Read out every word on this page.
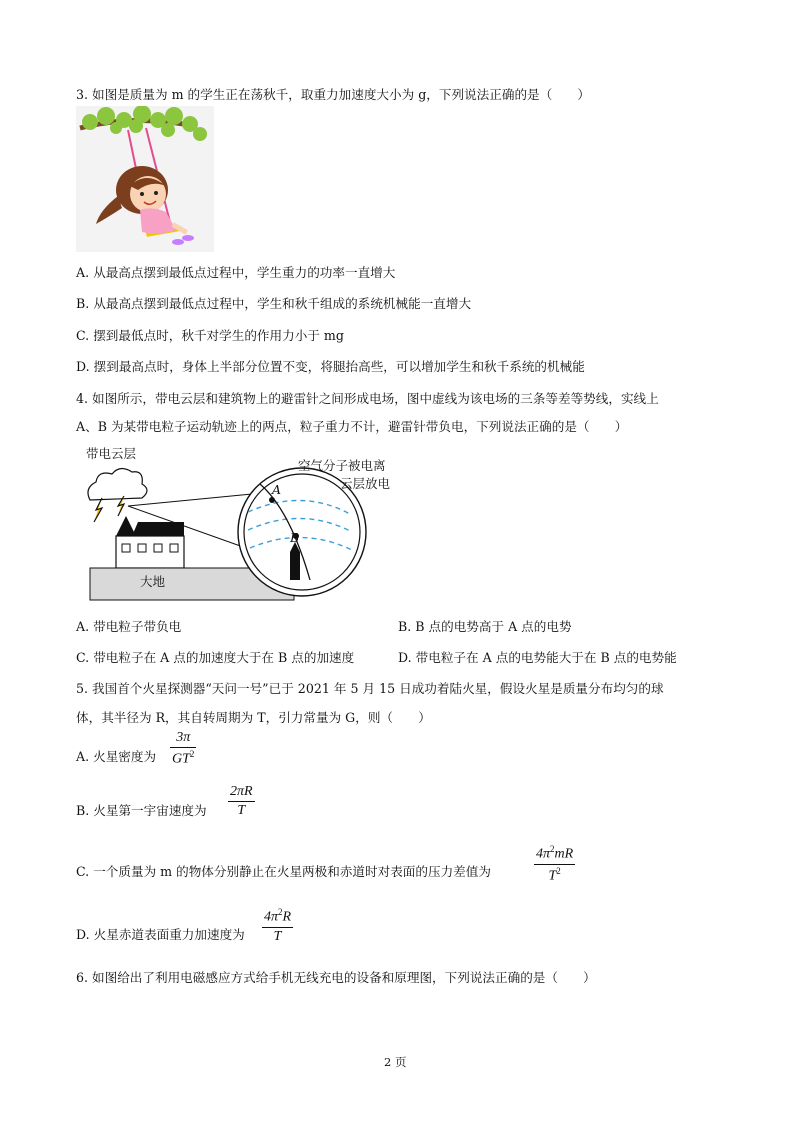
3. 如图是质量为 m 的学生正在荡秋千，取重力加速度大小为 g，下列说法正确的是（　　）
A. 从最高点摆到最低点过程中，学生重力的功率一直增大
B. 从最高点摆到最低点过程中，学生和秋千组成的系统机械能一直增大
C. 摆到最低点时，秋千对学生的作用力小于 mg
D. 摆到最高点时，身体上半部分位置不变，将腿抬高些，可以增加学生和秋千系统的机械能
4. 如图所示，带电云层和建筑物上的避雷针之间形成电场，图中虚线为该电场的三条等差等势线，实线上
A、B 为某带电粒子运动轨迹上的两点，粒子重力不计，避雷针带负电，下列说法正确的是（　　）
带电云层
空气分子被电离
云层放电
大地
A
B
A. 带电粒子带负电	B. B 点的电势高于 A 点的电势
C. 带电粒子在 A 点的加速度大于在 B 点的加速度	D. 带电粒子在 A 点的电势能大于在 B 点的电势能
5. 我国首个火星探测器“天问一号”已于 2021 年 5 月 15 日成功着陆火星，假设火星是质量分布均匀的球
体，其半径为 R，其自转周期为 T，引力常量为 G，则（　　）
A. 火星密度为
3π
$GT^2$
B. 火星第一宇宙速度为
2πR
T
C. 一个质量为 m 的物体分别静止在火星两极和赤道时对表面的压力差值为
$4\pi^2mR$
$T^2$
D. 火星赤道表面重力加速度为
$4\pi^2R$
T
6. 如图给出了利用电磁感应方式给手机无线充电的设备和原理图，下列说法正确的是（　　）
2 页
